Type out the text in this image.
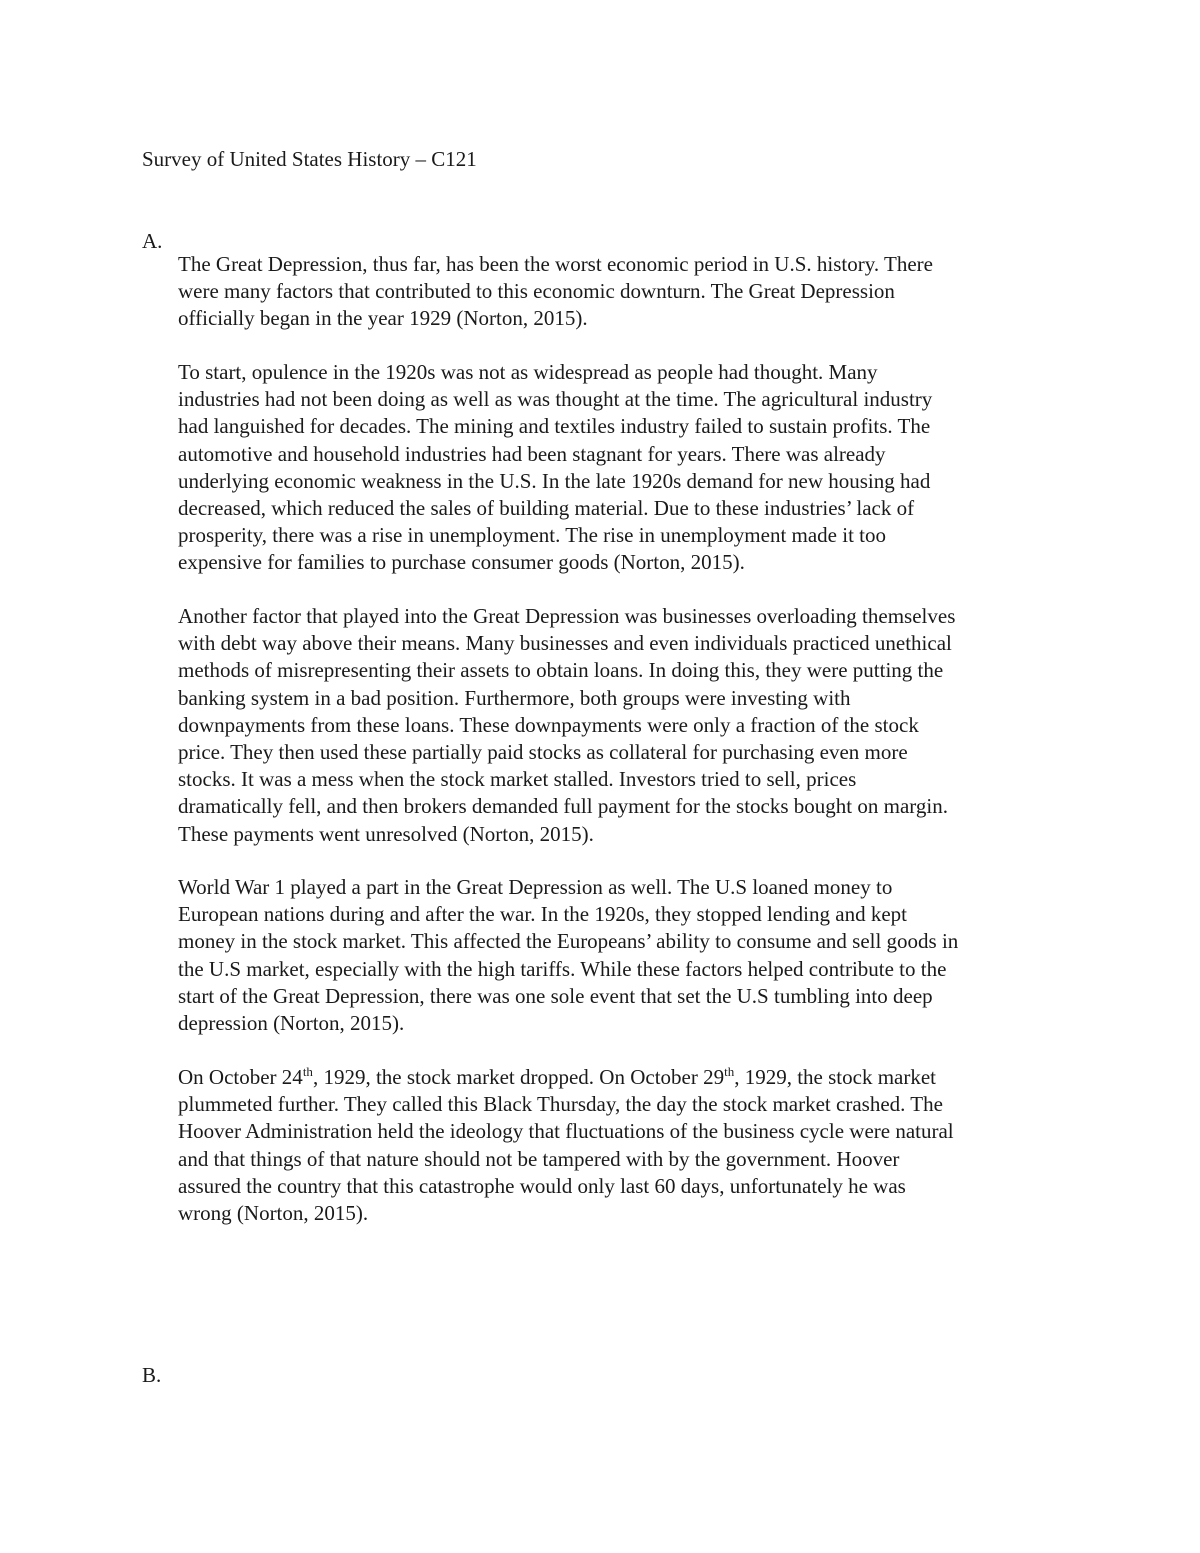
Survey of United States History – C121

A.

The Great Depression, thus far, has been the worst economic period in U.S. history. There

were many factors that contributed to this economic downturn. The Great Depression

officially began in the year 1929 (Norton, 2015).

To start, opulence in the 1920s was not as widespread as people had thought. Many

industries had not been doing as well as was thought at the time. The agricultural industry

had languished for decades. The mining and textiles industry failed to sustain profits. The

automotive and household industries had been stagnant for years. There was already

underlying economic weakness in the U.S. In the late 1920s demand for new housing had

decreased, which reduced the sales of building material. Due to these industries’ lack of

prosperity, there was a rise in unemployment. The rise in unemployment made it too

expensive for families to purchase consumer goods (Norton, 2015).

Another factor that played into the Great Depression was businesses overloading themselves

with debt way above their means. Many businesses and even individuals practiced unethical

methods of misrepresenting their assets to obtain loans. In doing this, they were putting the

banking system in a bad position. Furthermore, both groups were investing with

downpayments from these loans. These downpayments were only a fraction of the stock

price. They then used these partially paid stocks as collateral for purchasing even more

stocks. It was a mess when the stock market stalled. Investors tried to sell, prices

dramatically fell, and then brokers demanded full payment for the stocks bought on margin.

These payments went unresolved (Norton, 2015).

World War 1 played a part in the Great Depression as well. The U.S loaned money to

European nations during and after the war. In the 1920s, they stopped lending and kept

money in the stock market. This affected the Europeans’ ability to consume and sell goods in

the U.S market, especially with the high tariffs. While these factors helped contribute to the

start of the Great Depression, there was one sole event that set the U.S tumbling into deep

depression (Norton, 2015).

On October 24th, 1929, the stock market dropped. On October 29th, 1929, the stock market

plummeted further. They called this Black Thursday, the day the stock market crashed. The

Hoover Administration held the ideology that fluctuations of the business cycle were natural

and that things of that nature should not be tampered with by the government. Hoover

assured the country that this catastrophe would only last 60 days, unfortunately he was

wrong (Norton, 2015).

B.
